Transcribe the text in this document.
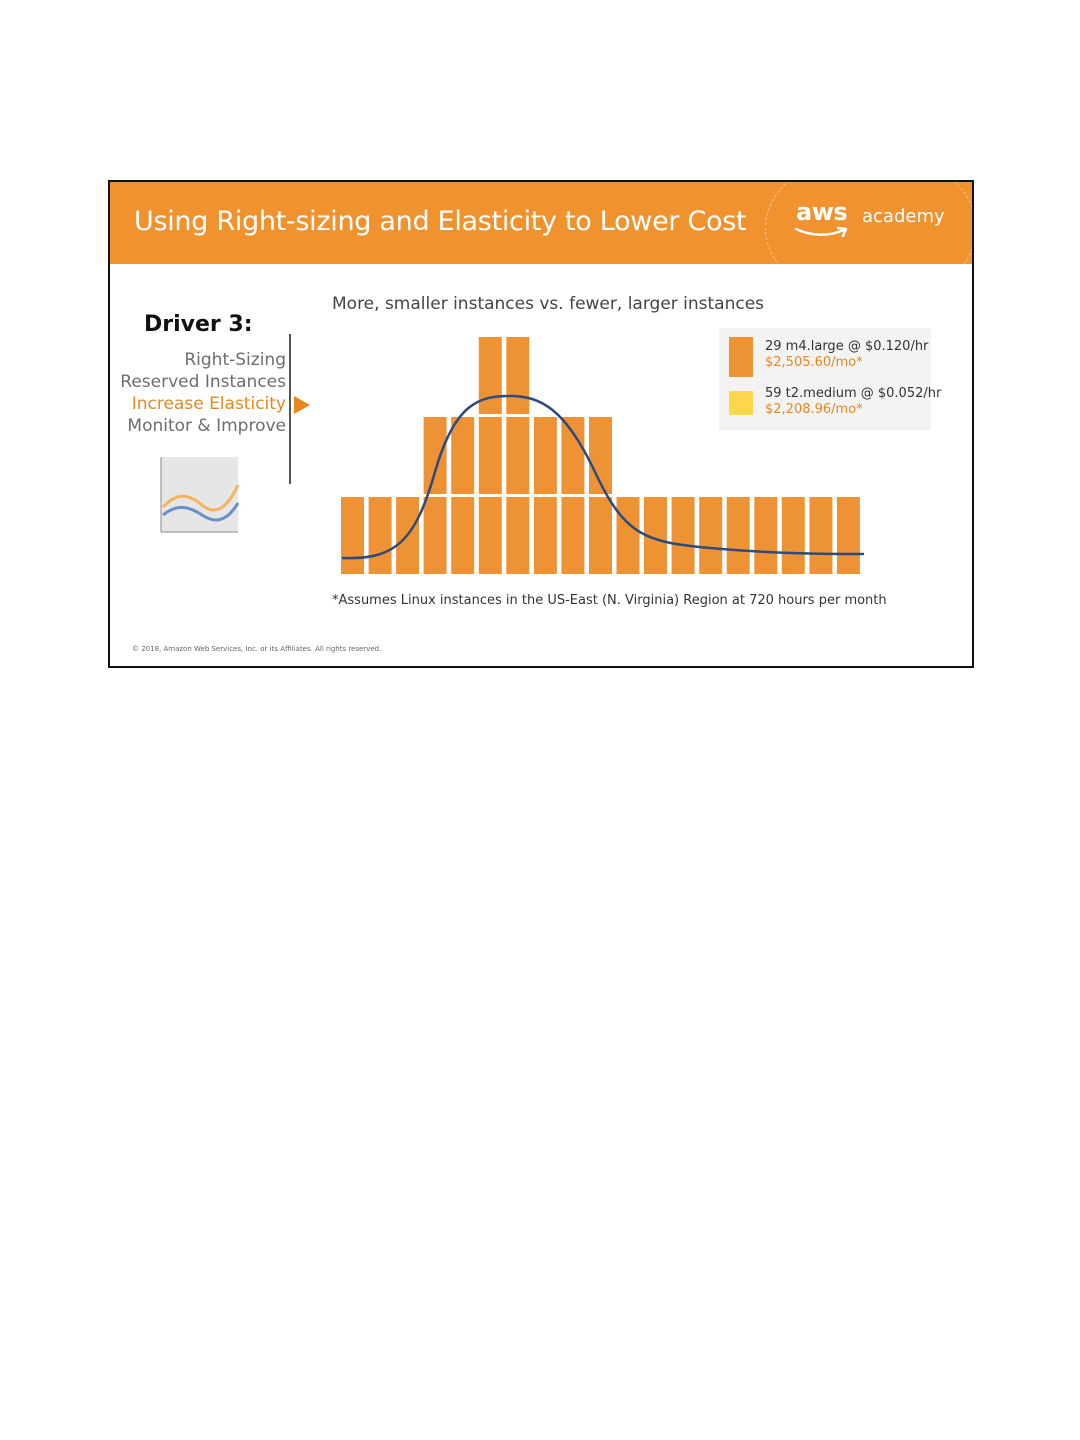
Using Right-sizing and Elasticity to Lower Cost aws academy
Driver 3:
Right-Sizing
Reserved Instances
Increase Elasticity
Monitor & Improve
More, smaller instances vs. fewer, larger instances
29 m4.large @ $0.120/hr
$2,505.60/mo*
59 t2.medium @ $0.052/hr
$2,208.96/mo*
*Assumes Linux instances in the US-East (N. Virginia) Region at 720 hours per month
© 2018, Amazon Web Services, Inc. or its Affiliates. All rights reserved.
